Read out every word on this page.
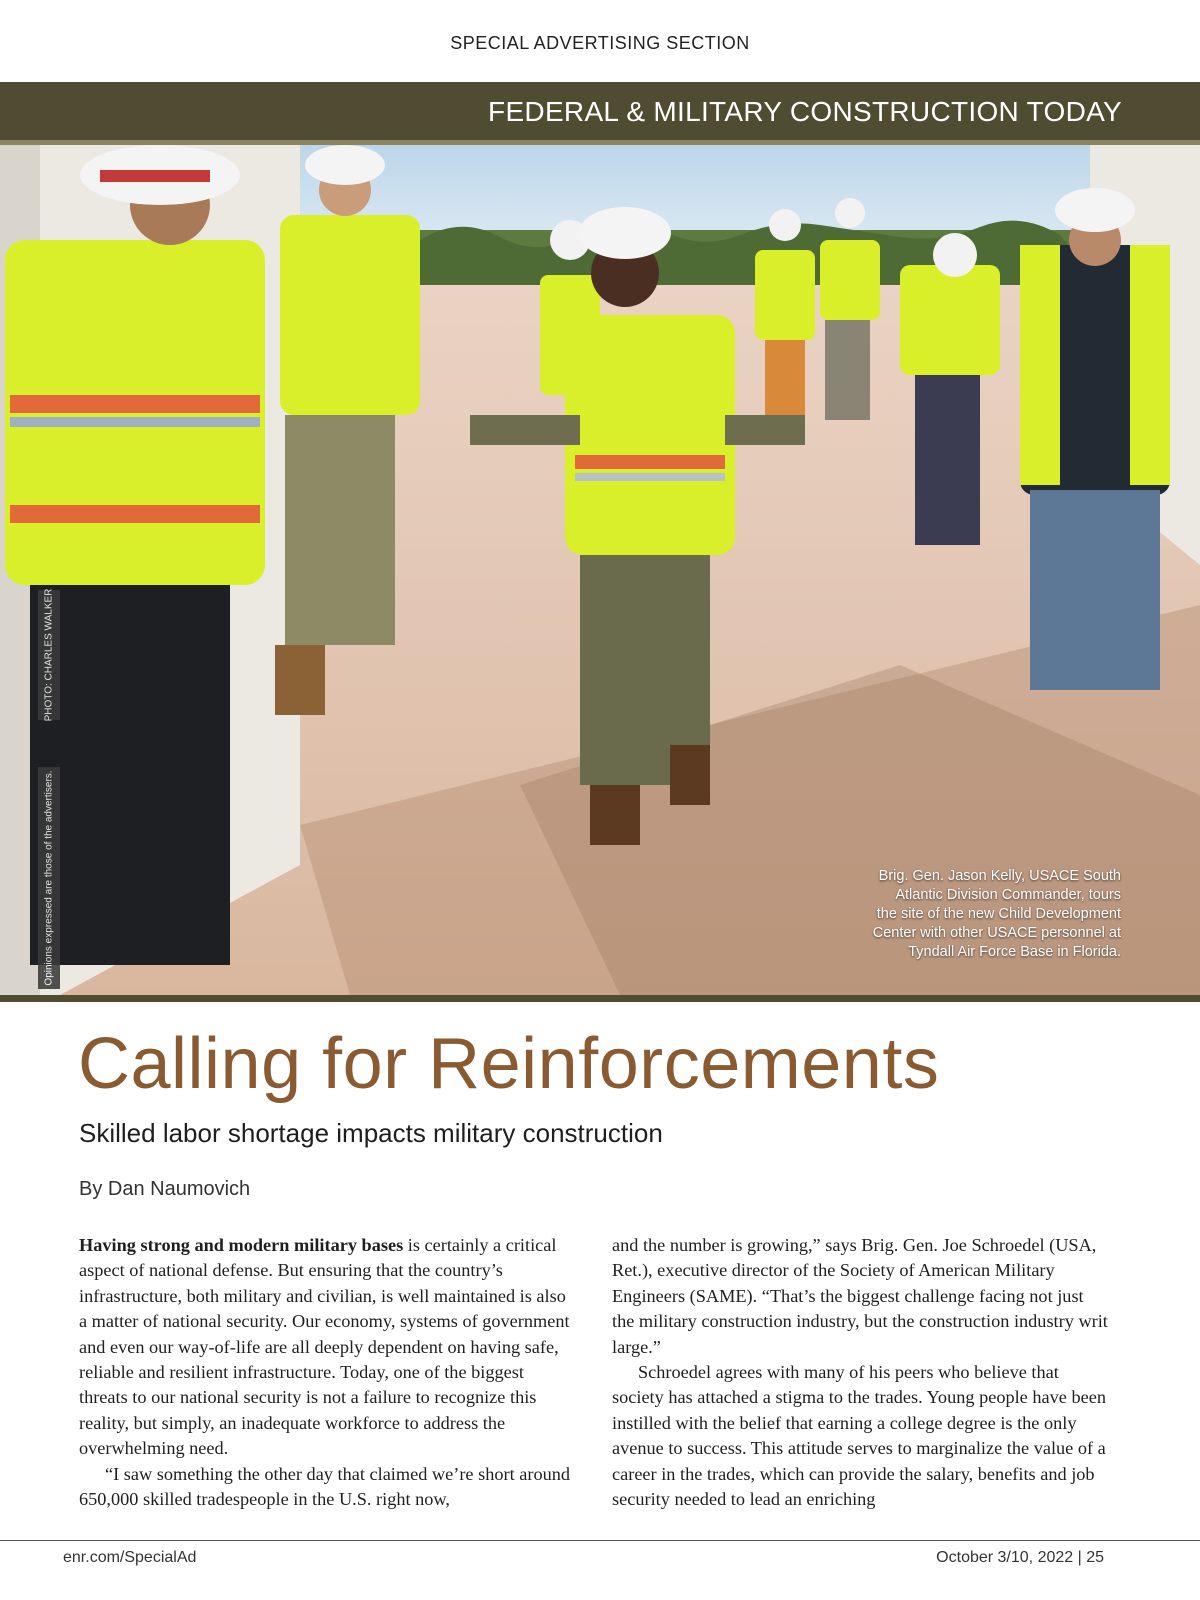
SPECIAL ADVERTISING SECTION
FEDERAL & MILITARY CONSTRUCTION TODAY
PHOTO: CHARLES WALKER
Opinions expressed are those of the advertisers.	Brig. Gen. Jason Kelly, USACE South
Atlantic Division Commander, tours
the site of the new Child Development
Center with other USACE personnel at
Tyndall Air Force Base in Florida.
Calling for Reinforcements
Skilled labor shortage impacts military construction
By Dan Naumovich

Having strong and modern military bases is certainly a critical aspect of national defense. But ensuring that the country’s infrastructure, both military and civilian, is well maintained is also a matter of national security. Our economy, systems of government and even our way-of-life are all deeply dependent on having safe, reliable and resilient infrastructure. Today, one of the biggest threats to our national security is not a failure to recognize this reality, but simply, an inadequate workforce to address the overwhelming need.

“I saw something the other day that claimed we’re short around 650,000 skilled tradespeople in the U.S. right now,

and the number is growing,” says Brig. Gen. Joe Schroedel (USA, Ret.), executive director of the Society of American Military Engineers (SAME). “That’s the biggest challenge facing not just the military construction industry, but the construction industry writ large.”

Schroedel agrees with many of his peers who believe that society has attached a stigma to the trades. Young people have been instilled with the belief that earning a college degree is the only avenue to success. This attitude serves to marginalize the value of a career in the trades, which can provide the salary, benefits and job security needed to lead an enriching

enr.com/SpecialAd	October 3/10, 2022 | 25
